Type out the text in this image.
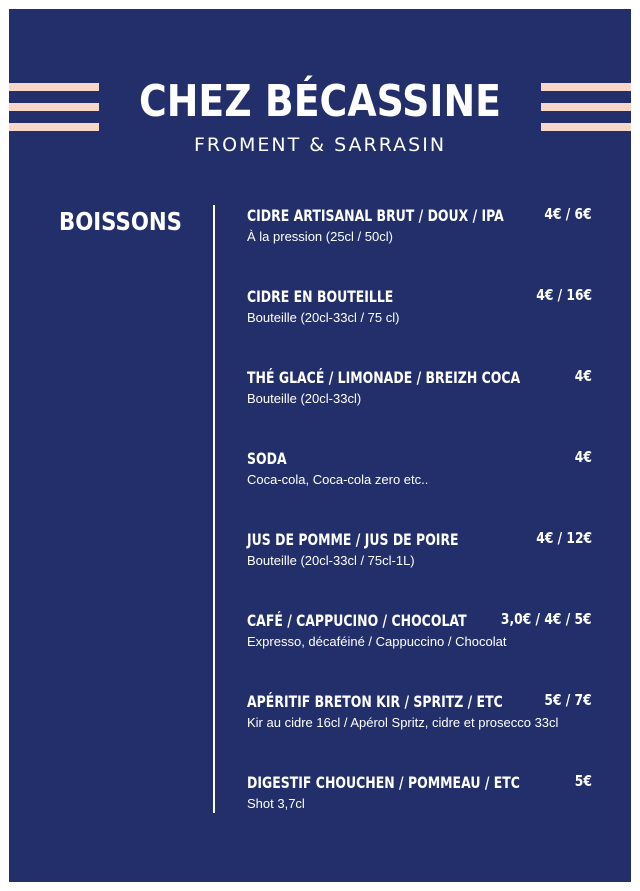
CHEZ BÉCASSINE
FROMENT & SARRASIN
BOISSONS	CIDRE ARTISANAL BRUT / DOUX / IPA	4€ / 6€
À la pression (25cl / 50cl)
CIDRE EN BOUTEILLE	4€ / 16€
Bouteille (20cl-33cl / 75 cl)
THÉ GLACÉ / LIMONADE / BREIZH COCA	4€
Bouteille (20cl-33cl)
SODA	4€
Coca-cola, Coca-cola zero etc..
JUS DE POMME / JUS DE POIRE	4€ / 12€
Bouteille (20cl-33cl / 75cl-1L)
CAFÉ / CAPPUCINO / CHOCOLAT 3,0€ / 4€ / 5€
Expresso, décaféiné / Cappuccino / Chocolat
APÉRITIF BRETON KIR / SPRITZ / ETC	5€ / 7€
Kir au cidre 16cl / Apérol Spritz, cidre et prosecco 33cl
DIGESTIF CHOUCHEN / POMMEAU / ETC	5€
Shot 3,7cl
